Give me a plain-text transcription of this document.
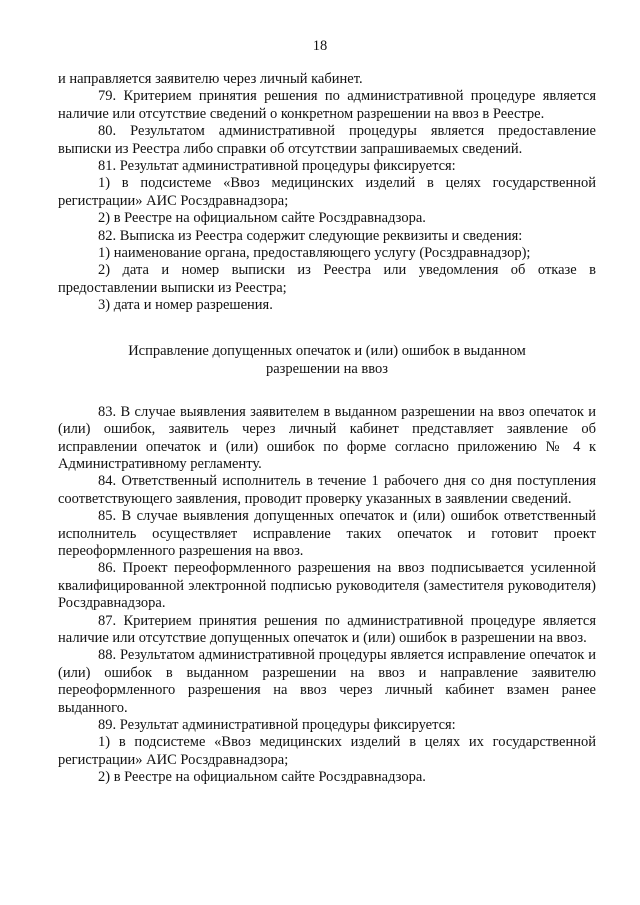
18

и направляется заявителю через личный кабинет.

79. Критерием принятия решения по административной процедуре является наличие или отсутствие сведений о конкретном разрешении на ввоз в Реестре.

80. Результатом административной процедуры является предоставление выписки из Реестра либо справки об отсутствии запрашиваемых сведений.

81. Результат административной процедуры фиксируется:

1) в подсистеме «Ввоз медицинских изделий в целях государственной регистрации» АИС Росздравнадзора;

2) в Реестре на официальном сайте Росздравнадзора.

82. Выписка из Реестра содержит следующие реквизиты и сведения:

1) наименование органа, предоставляющего услугу (Росздравнадзор);

2) дата и номер выписки из Реестра или уведомления об отказе в предоставлении выписки из Реестра;

3) дата и номер разрешения.

Исправление допущенных опечаток и (или) ошибок в выданном разрешении на ввоз

83. В случае выявления заявителем в выданном разрешении на ввоз опечаток и (или) ошибок, заявитель через личный кабинет представляет заявление об исправлении опечаток и (или) ошибок по форме согласно приложению № 4 к Административному регламенту.

84. Ответственный исполнитель в течение 1 рабочего дня со дня поступления соответствующего заявления, проводит проверку указанных в заявлении сведений.

85. В случае выявления допущенных опечаток и (или) ошибок ответственный исполнитель осуществляет исправление таких опечаток и готовит проект переоформленного разрешения на ввоз.

86. Проект переоформленного разрешения на ввоз подписывается усиленной квалифицированной электронной подписью руководителя (заместителя руководителя) Росздравнадзора.

87. Критерием принятия решения по административной процедуре является наличие или отсутствие допущенных опечаток и (или) ошибок в разрешении на ввоз.

88. Результатом административной процедуры является исправление опечаток и (или) ошибок в выданном разрешении на ввоз и направление заявителю переоформленного разрешения на ввоз через личный кабинет взамен ранее выданного.

89. Результат административной процедуры фиксируется:

1) в подсистеме «Ввоз медицинских изделий в целях их государственной регистрации» АИС Росздравнадзора;

2) в Реестре на официальном сайте Росздравнадзора.
